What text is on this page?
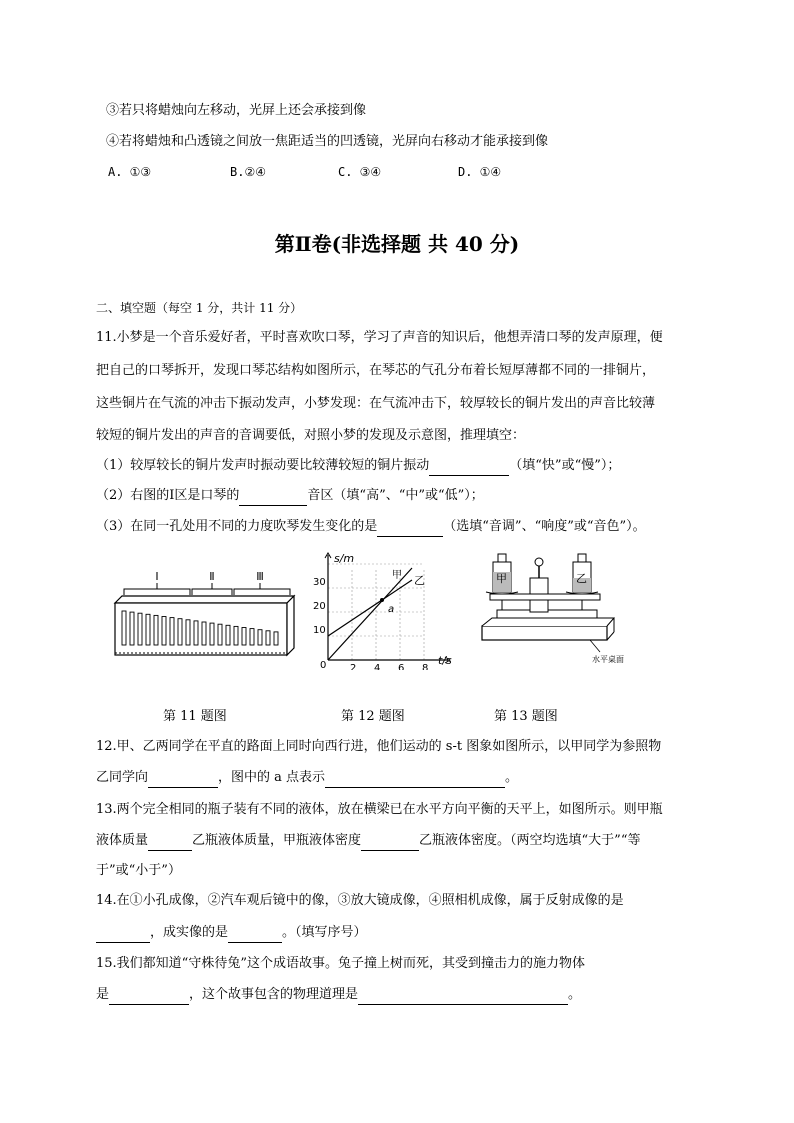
③若只将蜡烛向左移动，光屏上还会承接到像
④若将蜡烛和凸透镜之间放一焦距适当的凹透镜，光屏向右移动才能承接到像
A. ①③	B.②④	C. ③④	D. ①④
第Ⅱ卷(非选择题 共 40 分)
二、填空题（每空 1 分，共计 11 分）
11.小梦是一个音乐爱好者，平时喜欢吹口琴，学习了声音的知识后，他想弄清口琴的发声原理，便
把自己的口琴拆开，发现口琴芯结构如图所示，在琴芯的气孔分布着长短厚薄都不同的一排铜片，
这些铜片在气流的冲击下振动发声，小梦发现：在气流冲击下，较厚较长的铜片发出的声音比较薄
较短的铜片发出的声音的音调要低，对照小梦的发现及示意图，推理填空：
（1）较厚较长的铜片发声时振动要比较薄较短的铜片振动	（填“快”或“慢”）；
（2）右图的Ⅰ区是口琴的	音区（填“高”、“中”或“低”）；
（3）在同一孔处用不同的力度吹琴发生变化的是	（选填“音调”、“响度”或“音色”）。
Ⅰ	Ⅱ	Ⅲ
s/m
t/s
0
10
20
30
2 4 6 8
甲 乙
a
甲	乙
水平桌面
第 11 题图	第 12 题图	第 13 题图
12.甲、乙两同学在平直的路面上同时向西行进，他们运动的 s-t 图象如图所示，以甲同学为参照物
乙同学向	，图中的 a 点表示	。
13.两个完全相同的瓶子装有不同的液体，放在横梁已在水平方向平衡的天平上，如图所示。则甲瓶
液体质量	乙瓶液体质量，甲瓶液体密度	乙瓶液体密度。（两空均选填“大于”“等
于”或“小于”）
14.在①小孔成像，②汽车观后镜中的像，③放大镜成像，④照相机成像，属于反射成像的是
，成实像的是	。（填写序号）
15.我们都知道“守株待兔”这个成语故事。兔子撞上树而死，其受到撞击力的施力物体
是	，这个故事包含的物理道理是	。
